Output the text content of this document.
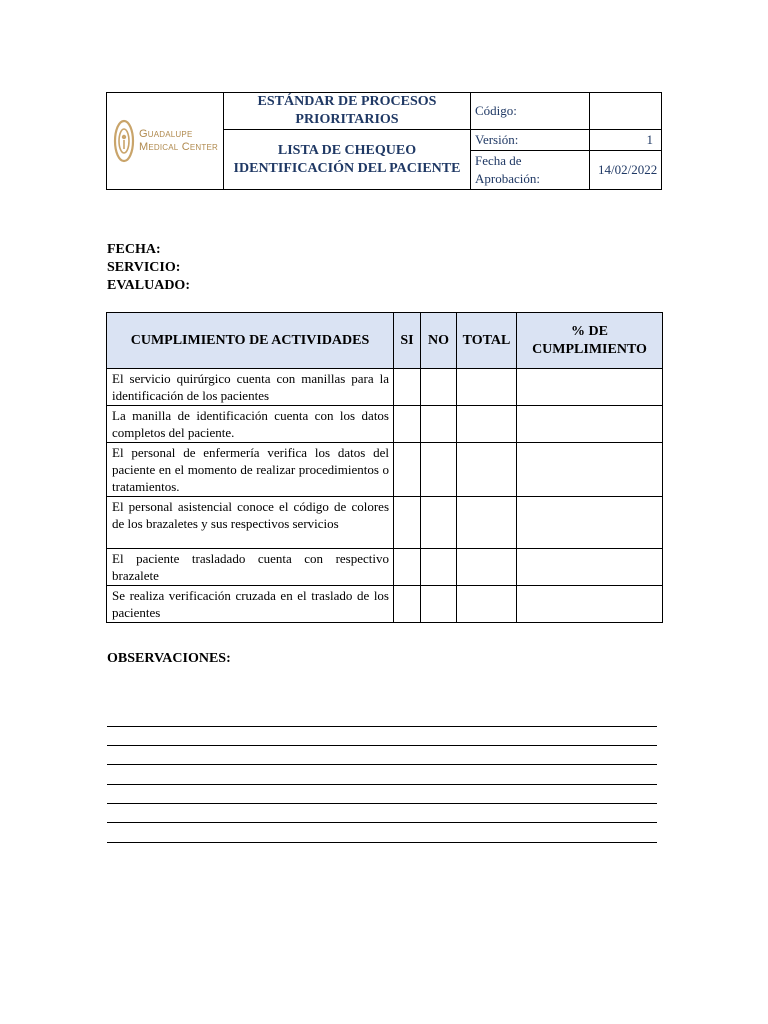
Guadalupe
Medical Center	ESTÁNDAR DE PROCESOS PRIORITARIOS	Código:	
	LISTA DE CHEQUEO IDENTIFICACIÓN DEL PACIENTE	Versión:	1
		Fecha de Aprobación:	14/02/2022
FECHA:
SERVICIO:
EVALUADO:
CUMPLIMIENTO DE ACTIVIDADES	SI	NO	TOTAL	% DE CUMPLIMIENTO
El servicio quirúrgico cuenta con manillas para la identificación de los pacientes				
La manilla de identificación cuenta con los datos completos del paciente.				
El personal de enfermería verifica los datos del paciente en el momento de realizar procedimientos o tratamientos.				
El personal asistencial conoce el código de colores de los brazaletes y sus respectivos servicios				
El paciente trasladado cuenta con respectivo brazalete				
Se realiza verificación cruzada en el traslado de los pacientes				
OBSERVACIONES:
